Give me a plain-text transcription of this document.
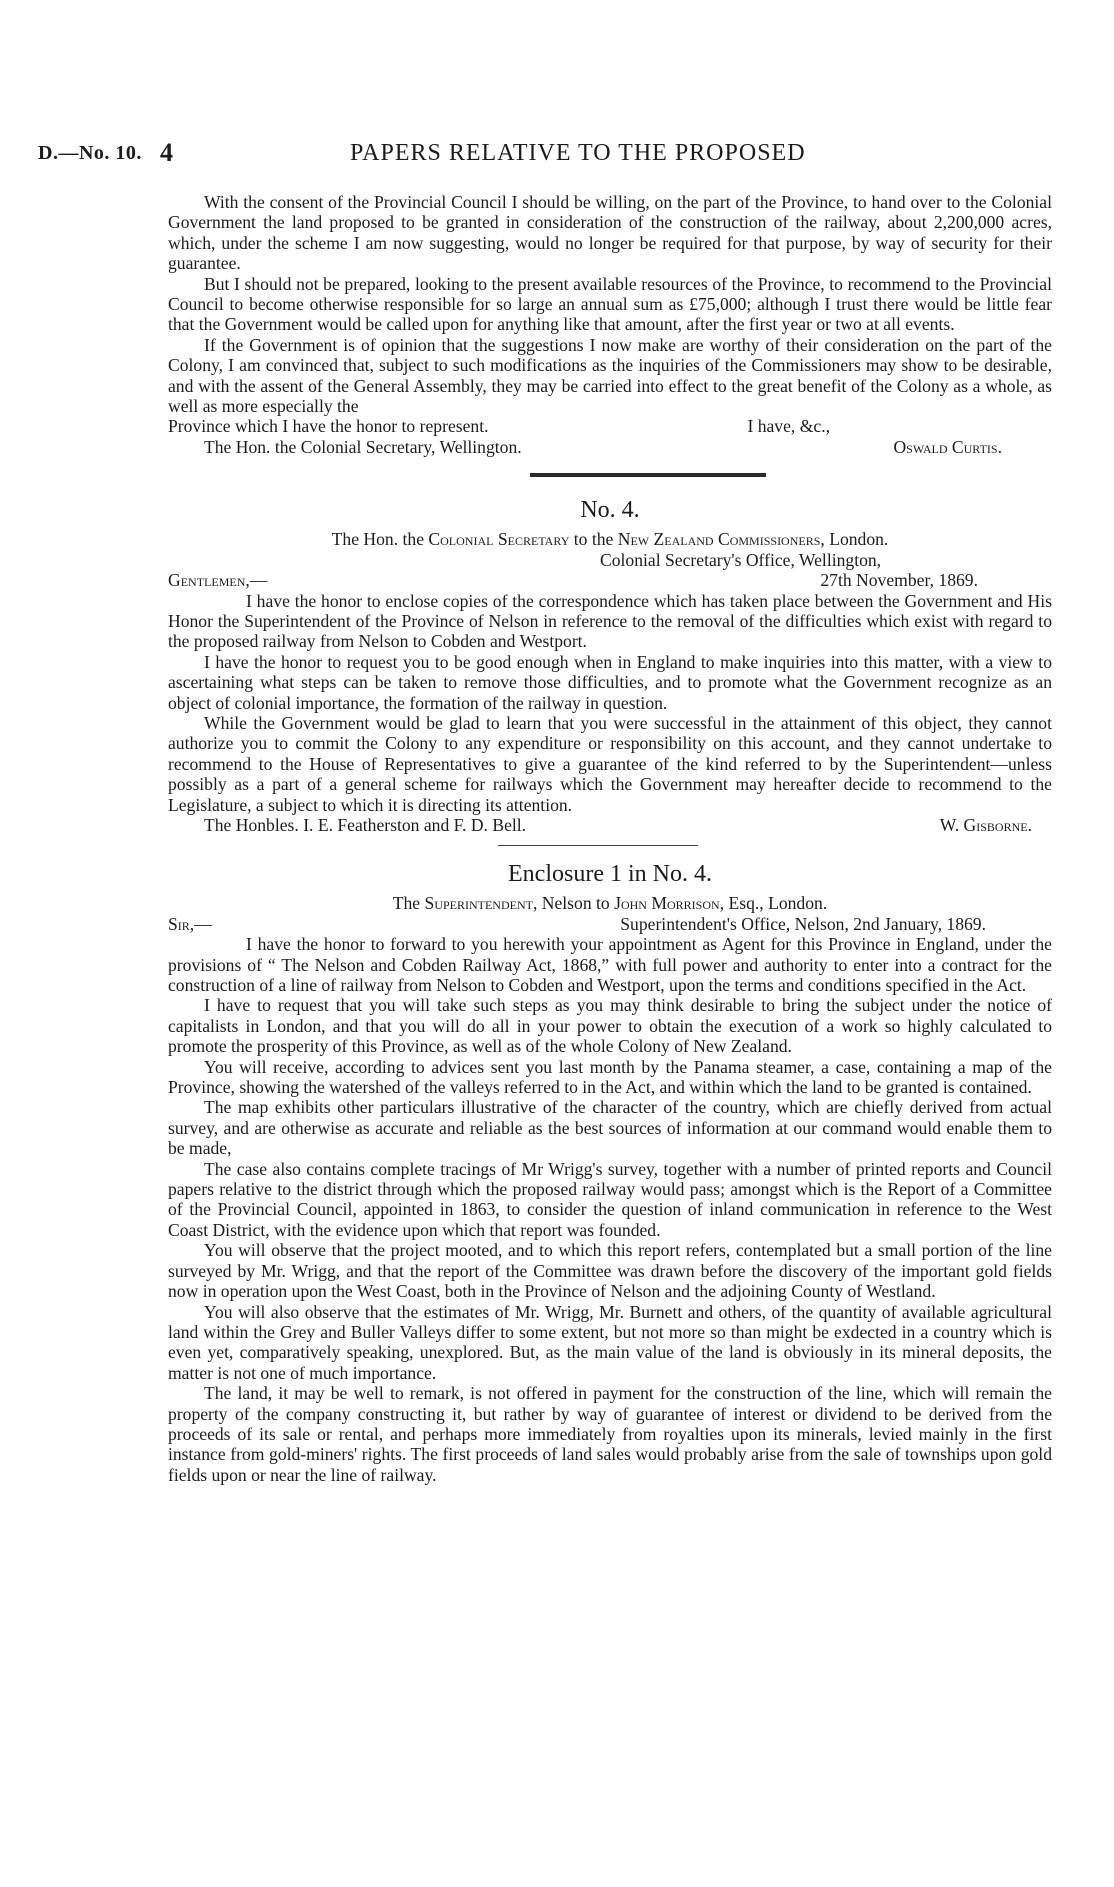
D.—No. 10. 4	PAPERS RELATIVE TO THE PROPOSED

With the consent of the Provincial Council I should be willing, on the part of the Province, to hand over to the Colonial Government the land proposed to be granted in consideration of the construction of the railway, about 2,200,000 acres, which, under the scheme I am now suggesting, would no longer be required for that purpose, by way of security for their guarantee.

But I should not be prepared, looking to the present available resources of the Province, to recommend to the Provincial Council to become otherwise responsible for so large an annual sum as £75,000; although I trust there would be little fear that the Government would be called upon for anything like that amount, after the first year or two at all events.

If the Government is of opinion that the suggestions I now make are worthy of their consideration on the part of the Colony, I am convinced that, subject to such modifications as the inquiries of the Commissioners may show to be desirable, and with the assent of the General Assembly, they may be carried into effect to the great benefit of the Colony as a whole, as well as more especially the

Province which I have the honor to represent.	I have, &c.,
The Hon. the Colonial Secretary, Wellington.	Oswald Curtis.
No. 4.
The Hon. the Colonial Secretary to the New Zealand Commissioners, London.
Colonial Secretary's Office, Wellington,
Gentlemen,—	27th November, 1869.

I have the honor to enclose copies of the correspondence which has taken place between the Government and His Honor the Superintendent of the Province of Nelson in reference to the removal of the difficulties which exist with regard to the proposed railway from Nelson to Cobden and Westport.

I have the honor to request you to be good enough when in England to make inquiries into this matter, with a view to ascertaining what steps can be taken to remove those difficulties, and to promote what the Government recognize as an object of colonial importance, the formation of the railway in question.

While the Government would be glad to learn that you were successful in the attainment of this object, they cannot authorize you to commit the Colony to any expenditure or responsibility on this account, and they cannot undertake to recommend to the House of Representatives to give a guarantee of the kind referred to by the Superintendent—unless possibly as a part of a general scheme for railways which the Government may hereafter decide to recommend to the Legislature, a subject to which it is directing its attention.

The Honbles. I. E. Featherston and F. D. Bell.	W. Gisborne.
Enclosure 1 in No. 4.
The Superintendent, Nelson to John Morrison, Esq., London.
Sir,—	Superintendent's Office, Nelson, 2nd January, 1869.

I have the honor to forward to you herewith your appointment as Agent for this Province in England, under the provisions of “ The Nelson and Cobden Railway Act, 1868,” with full power and authority to enter into a contract for the construction of a line of railway from Nelson to Cobden and Westport, upon the terms and conditions specified in the Act.

I have to request that you will take such steps as you may think desirable to bring the subject under the notice of capitalists in London, and that you will do all in your power to obtain the execution of a work so highly calculated to promote the prosperity of this Province, as well as of the whole Colony of New Zealand.

You will receive, according to advices sent you last month by the Panama steamer, a case, containing a map of the Province, showing the watershed of the valleys referred to in the Act, and within which the land to be granted is contained.

The map exhibits other particulars illustrative of the character of the country, which are chiefly derived from actual survey, and are otherwise as accurate and reliable as the best sources of information at our command would enable them to be made,

The case also contains complete tracings of Mr Wrigg's survey, together with a number of printed reports and Council papers relative to the district through which the proposed railway would pass; amongst which is the Report of a Committee of the Provincial Council, appointed in 1863, to consider the question of inland communication in reference to the West Coast District, with the evidence upon which that report was founded.

You will observe that the project mooted, and to which this report refers, contemplated but a small portion of the line surveyed by Mr. Wrigg, and that the report of the Committee was drawn before the discovery of the important gold fields now in operation upon the West Coast, both in the Province of Nelson and the adjoining County of Westland.

You will also observe that the estimates of Mr. Wrigg, Mr. Burnett and others, of the quantity of available agricultural land within the Grey and Buller Valleys differ to some extent, but not more so than might be exdected in a country which is even yet, comparatively speaking, unexplored. But, as the main value of the land is obviously in its mineral deposits, the matter is not one of much importance.

The land, it may be well to remark, is not offered in payment for the construction of the line, which will remain the property of the company constructing it, but rather by way of guarantee of interest or dividend to be derived from the proceeds of its sale or rental, and perhaps more immediately from royalties upon its minerals, levied mainly in the first instance from gold-miners' rights. The first proceeds of land sales would probably arise from the sale of townships upon gold fields upon or near the line of railway.
